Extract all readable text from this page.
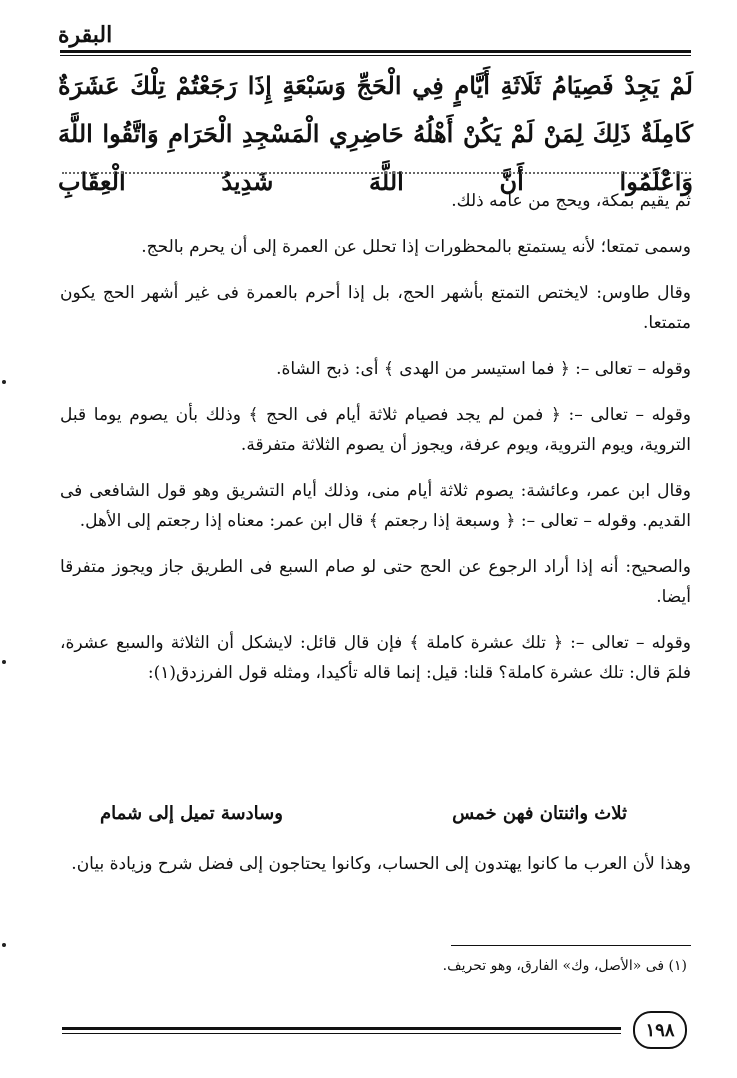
البقرة
لَمْ يَجِدْ فَصِيَامُ ثَلَاثَةِ أَيَّامٍ فِي الْحَجِّ وَسَبْعَةٍ إِذَا رَجَعْتُمْ تِلْكَ عَشَرَةٌ كَامِلَةٌ ذَلِكَ لِمَنْ لَمْ يَكُنْ أَهْلُهُ حَاضِرِي الْمَسْجِدِ الْحَرَامِ وَاتَّقُوا اللَّهَ وَاعْلَمُوا أَنَّ اللَّهَ شَدِيدُ الْعِقَابِ

ثم يقيم بمكة، ويحج من عامه ذلك.

وسمى تمتعا؛ لأنه يستمتع بالمحظورات إذا تحلل عن العمرة إلى أن يحرم بالحج.

وقال طاوس: لايختص التمتع بأشهر الحج، بل إذا أحرم بالعمرة فى غير أشهر الحج يكون متمتعا.

وقوله – تعالى –: ﴿ فما استيسر من الهدى ﴾ أى: ذبح الشاة.

وقوله – تعالى –: ﴿ فمن لم يجد فصيام ثلاثة أيام فى الحج ﴾ وذلك بأن يصوم يوما قبل التروية، ويوم التروية، ويوم عرفة، ويجوز أن يصوم الثلاثة متفرقة.

وقال ابن عمر، وعائشة: يصوم ثلاثة أيام منى، وذلك أيام التشريق وهو قول الشافعى فى القديم. وقوله – تعالى –: ﴿ وسبعة إذا رجعتم ﴾ قال ابن عمر: معناه إذا رجعتم إلى الأهل.

والصحيح: أنه إذا أراد الرجوع عن الحج حتى لو صام السبع فى الطريق جاز ويجوز متفرقا أيضا.

وقوله – تعالى –: ﴿ تلك عشرة كاملة ﴾ فإن قال قائل: لايشكل أن الثلاثة والسبع عشرة، فلمَ قال: تلك عشرة كاملة؟ قلنا: قيل: إنما قاله تأكيدا، ومثله قول الفرزدق(١):

ثلاث واثنتان فهن خمس
وسادسة تميل إلى شمام
وهذا لأن العرب ما كانوا يهتدون إلى الحساب، وكانوا يحتاجون إلى فضل شرح وزيادة بيان.
(١) فى «الأصل، وك» الفارق، وهو تحريف.
١٩٨
